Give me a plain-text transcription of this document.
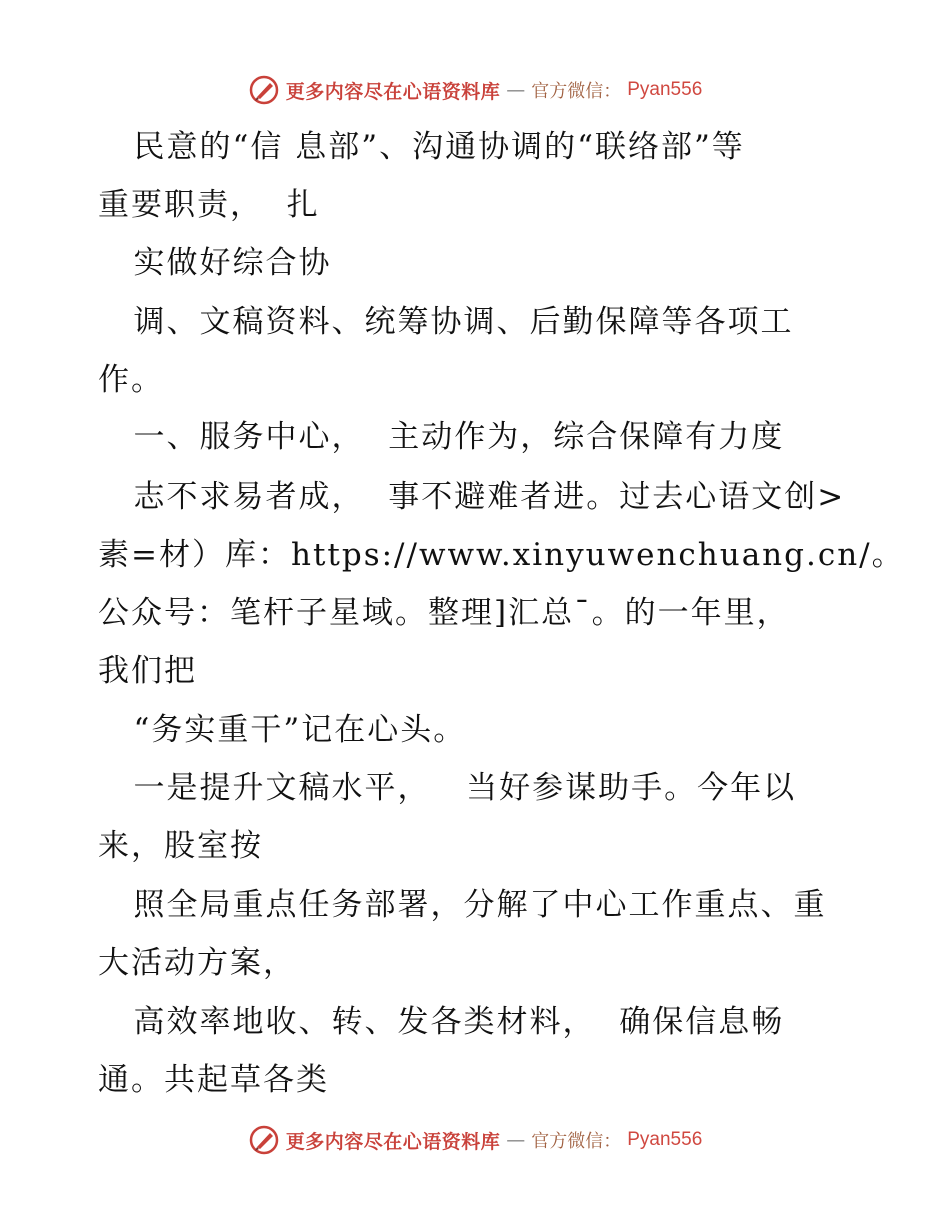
更多内容尽在心语资料库 — 官方微信： Pyan556
民意的“信 息部”、沟通协调的“联络部”等
重要职责，  扎
实做好综合协
调、文稿资料、统筹协调、后勤保障等各项工
作。
一、服务中心，  主动作为，综合保障有力度
志不求易者成，  事不避难者进。过去心语文创>
素=材）库：https://www.xinyuwenchuang.cn/。
公众号：笔杆子星域。整理]汇总¯。的一年里，
我们把
“务实重干”记在心头。
一是提升文稿水平，   当好参谋助手。今年以
来，股室按
照全局重点任务部署，分解了中心工作重点、重
大活动方案，
高效率地收、转、发各类材料，  确保信息畅
通。共起草各类
更多内容尽在心语资料库 — 官方微信： Pyan556
